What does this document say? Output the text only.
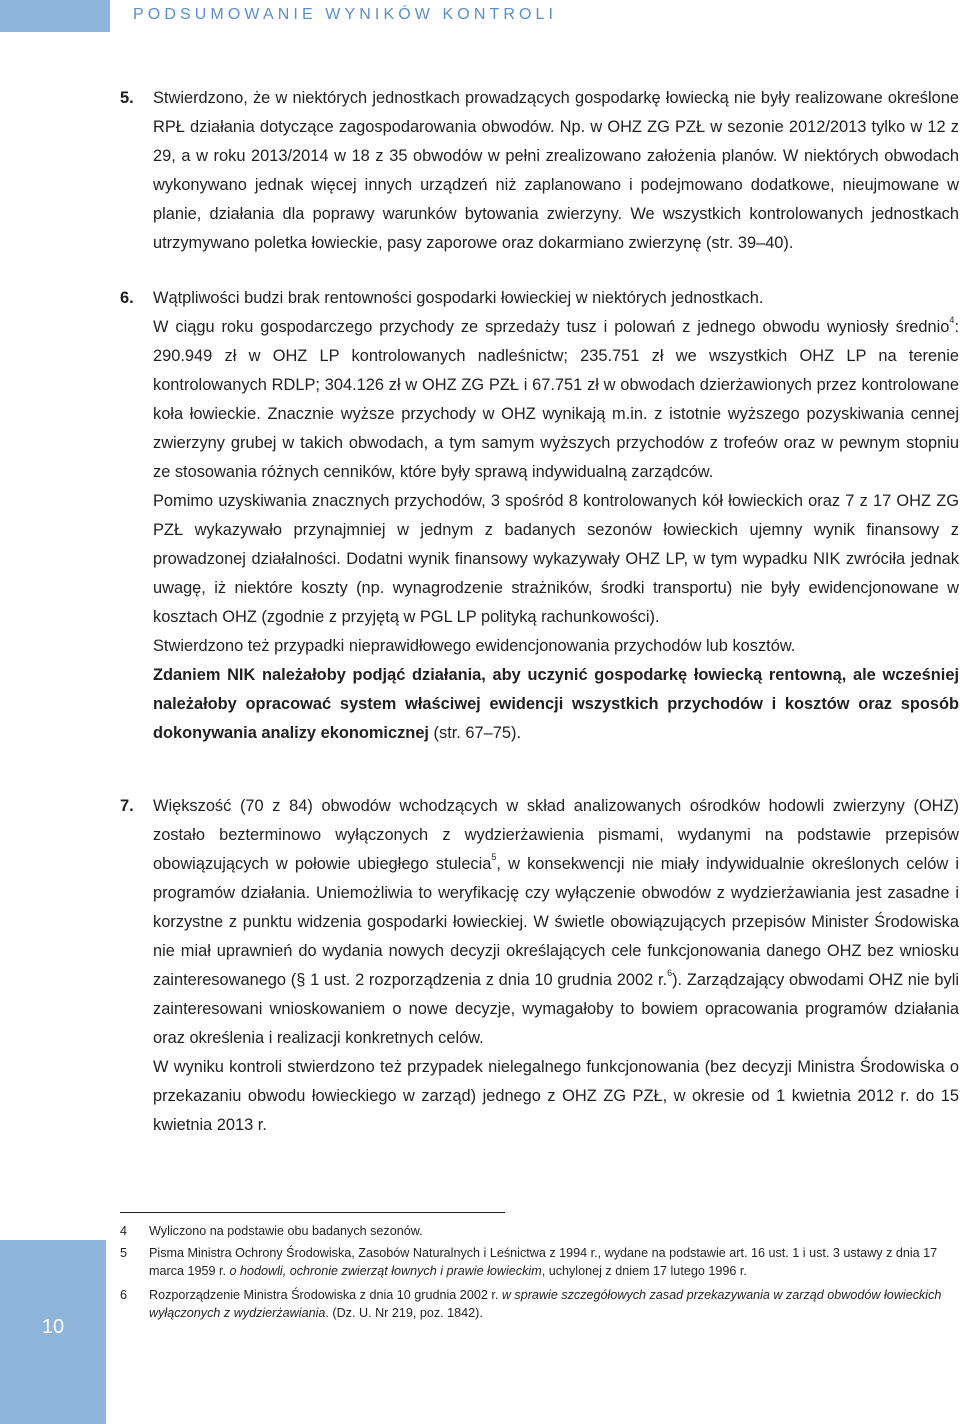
PODSUMOWANIE WYNIKÓW KONTROLI
5. Stwierdzono, że w niektórych jednostkach prowadzących gospodarkę łowiecką nie były realizowane określone RPŁ działania dotyczące zagospodarowania obwodów. Np. w OHZ ZG PZŁ w sezonie 2012/2013 tylko w 12 z 29, a w roku 2013/2014 w 18 z 35 obwodów w pełni zrealizowano założenia planów. W niektórych obwodach wykonywano jednak więcej innych urządzeń niż zaplanowano i podejmowano dodatkowe, nieujmowane w planie, działania dla poprawy warunków bytowania zwierzyny. We wszystkich kontrolowanych jednostkach utrzymywano poletka łowieckie, pasy zaporowe oraz dokarmiano zwierzynę (str. 39–40).

6. Wątpliwości budzi brak rentowności gospodarki łowieckiej w niektórych jednostkach.

W ciągu roku gospodarczego przychody ze sprzedaży tusz i polowań z jednego obwodu wyniosły średnio$^4$: 290.949 zł w OHZ LP kontrolowanych nadleśnictw; 235.751 zł we wszystkich OHZ LP na terenie kontrolowanych RDLP; 304.126 zł w OHZ ZG PZŁ i 67.751 zł w obwodach dzierżawionych przez kontrolowane koła łowieckie. Znacznie wyższe przychody w OHZ wynikają m.in. z istotnie wyższego pozyskiwania cennej zwierzyny grubej w takich obwodach, a tym samym wyższych przychodów z trofeów oraz w pewnym stopniu ze stosowania różnych cenników, które były sprawą indywidualną zarządców.

Pomimo uzyskiwania znacznych przychodów, 3 spośród 8 kontrolowanych kół łowieckich oraz 7 z 17 OHZ ZG PZŁ wykazywało przynajmniej w jednym z badanych sezonów łowieckich ujemny wynik finansowy z prowadzonej działalności. Dodatni wynik finansowy wykazywały OHZ LP, w tym wypadku NIK zwróciła jednak uwagę, iż niektóre koszty (np. wynagrodzenie strażników, środki transportu) nie były ewidencjonowane w kosztach OHZ (zgodnie z przyjętą w PGL LP polityką rachunkowości).

Stwierdzono też przypadki nieprawidłowego ewidencjonowania przychodów lub kosztów.

Zdaniem NIK należałoby podjąć działania, aby uczynić gospodarkę łowiecką rentowną, ale wcześniej należałoby opracować system właściwej ewidencji wszystkich przychodów i kosztów oraz sposób dokonywania analizy ekonomicznej (str. 67–75).

7. Większość (70 z 84) obwodów wchodzących w skład analizowanych ośrodków hodowli zwierzyny (OHZ) zostało bezterminowo wyłączonych z wydzierżawienia pismami, wydanymi na podstawie przepisów obowiązujących w połowie ubiegłego stulecia$^5$, w konsekwencji nie miały indywidualnie określonych celów i programów działania. Uniemożliwia to weryfikację czy wyłączenie obwodów z wydzierżawiania jest zasadne i korzystne z punktu widzenia gospodarki łowieckiej. W świetle obowiązujących przepisów Minister Środowiska nie miał uprawnień do wydania nowych decyzji określających cele funkcjonowania danego OHZ bez wniosku zainteresowanego (§ 1 ust. 2 rozporządzenia z dnia 10 grudnia 2002 r.$^6$). Zarządzający obwodami OHZ nie byli zainteresowani wnioskowaniem o nowe decyzje, wymagałoby to bowiem opracowania programów działania oraz określenia i realizacji konkretnych celów.

W wyniku kontroli stwierdzono też przypadek nielegalnego funkcjonowania (bez decyzji Ministra Środowiska o przekazaniu obwodu łowieckiego w zarząd) jednego z OHZ ZG PZŁ, w okresie od 1 kwietnia 2012 r. do 15 kwietnia 2013 r.

4 Wyliczono na podstawie obu badanych sezonów.
5 Pisma Ministra Ochrony Środowiska, Zasobów Naturalnych i Leśnictwa z 1994 r., wydane na podstawie art. 16 ust. 1 i ust. 3 ustawy z dnia 17 marca 1959 r. o hodowli, ochronie zwierząt łownych i prawie łowieckim, uchylonej z dniem 17 lutego 1996 r.
6 Rozporządzenie Ministra Środowiska z dnia 10 grudnia 2002 r. w sprawie szczegółowych zasad przekazywania w zarząd obwodów łowieckich wyłączonych z wydzierżawiania. (Dz. U. Nr 219, poz. 1842).
10
